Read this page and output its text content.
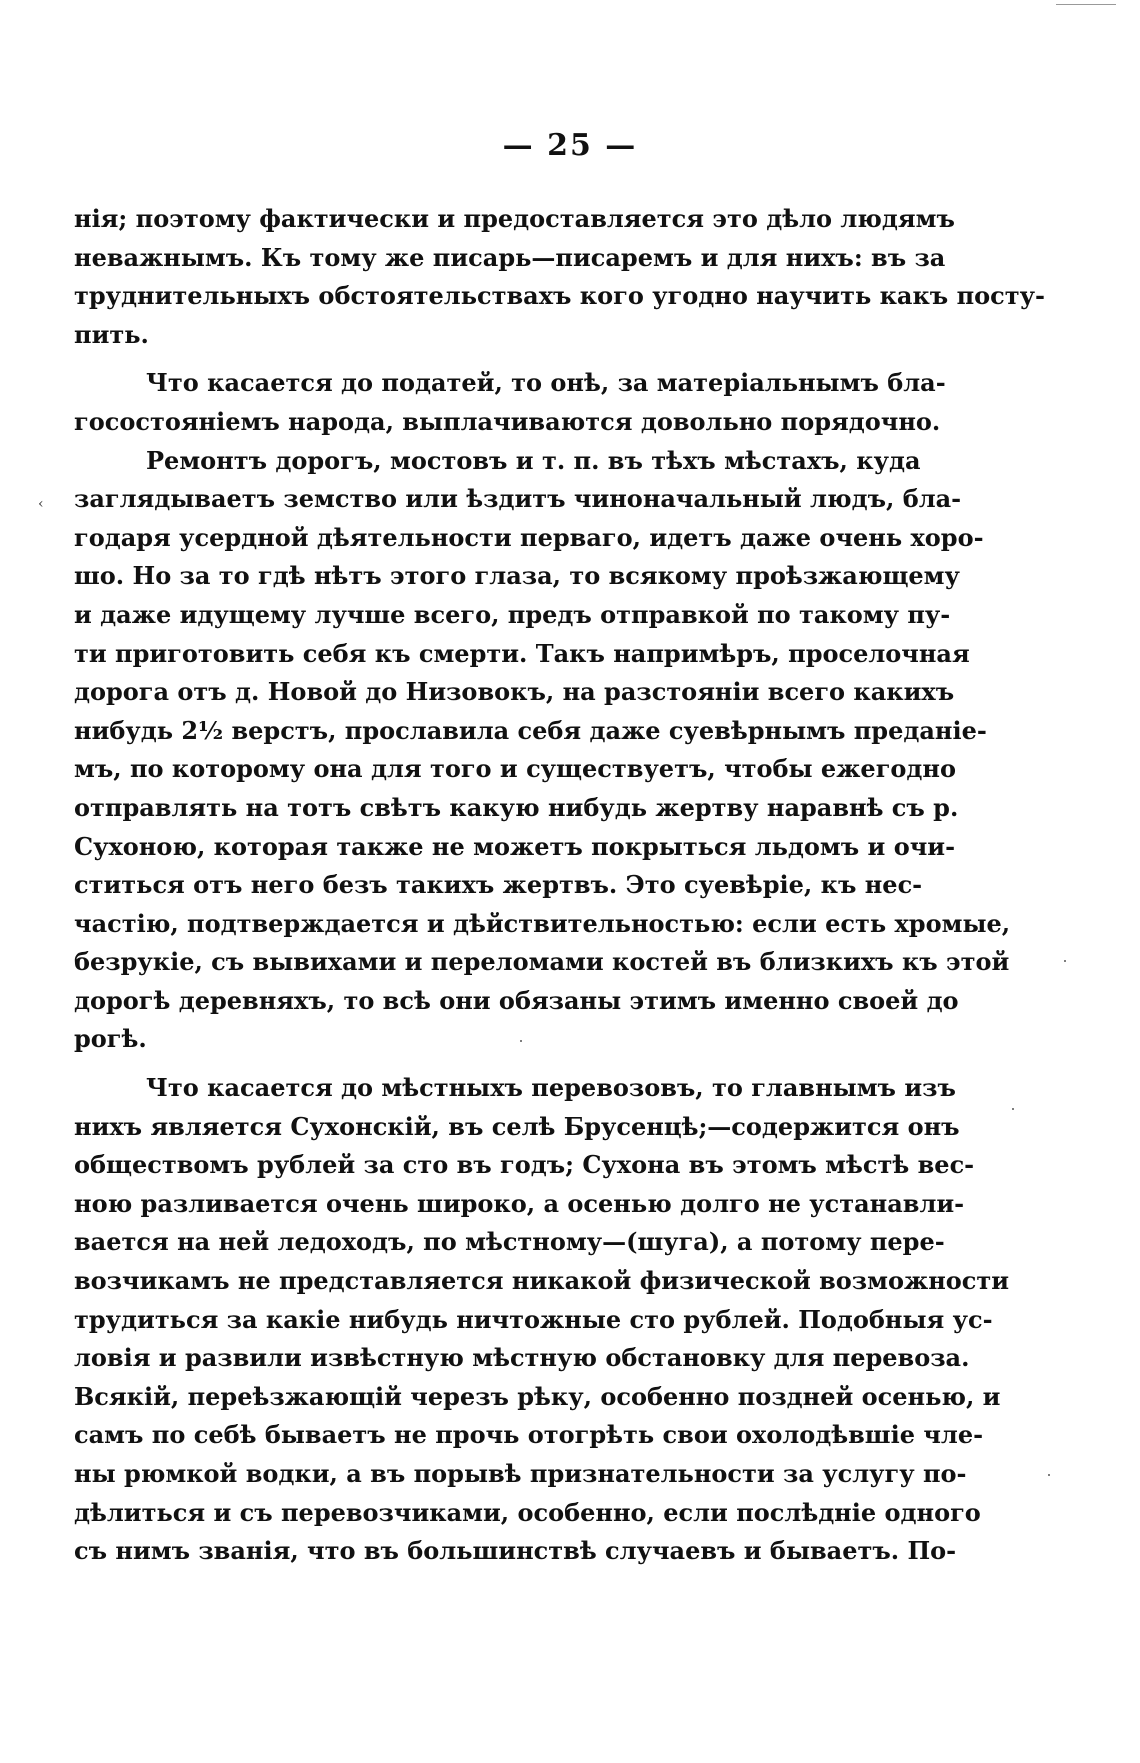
— 25 —
‹
нія; поэтому фактически и предоставляется это дѣло людямъ
неважнымъ. Къ тому же писарь—писаремъ и для нихъ: въ за
труднительныхъ обстоятельствахъ кого угодно научить какъ посту-
пить.
Что касается до податей, то онѣ, за матеріальнымъ бла-
госостояніемъ народа, выплачиваются довольно порядочно.
Ремонтъ дорогъ, мостовъ и т. п. въ тѣхъ мѣстахъ, куда
заглядываетъ земство или ѣздитъ чиноначальный людъ, бла-
годаря усердной дѣятельности перваго, идетъ даже очень хоро-
шо. Но за то гдѣ нѣтъ этого глаза, то всякому проѣзжающему
и даже идущему лучше всего, предъ отправкой по такому пу-
ти приготовить себя къ смерти. Такъ напримѣръ, проселочная
дорога отъ д. Новой до Низовокъ, на разстояніи всего какихъ
нибудь 2½ верстъ, прославила себя даже суевѣрнымъ преданіе-
мъ, по которому она для того и существуетъ, чтобы ежегодно
отправлять на тотъ свѣтъ какую нибудь жертву наравнѣ съ р.
Сухоною, которая также не можетъ покрыться льдомъ и очи-
ститься отъ него безъ такихъ жертвъ. Это суевѣріе, къ нес-
частію, подтверждается и дѣйствительностью: если есть хромые,
безрукіе, съ вывихами и переломами костей въ близкихъ къ этой
дорогѣ деревняхъ, то всѣ они обязаны этимъ именно своей до
рогѣ.
Что касается до мѣстныхъ перевозовъ, то главнымъ изъ
нихъ является Сухонскій, въ селѣ Брусенцѣ;—содержится онъ
обществомъ рублей за сто въ годъ; Сухона въ этомъ мѣстѣ вес-
ною разливается очень широко, а осенью долго не устанавли-
вается на ней ледоходъ, по мѣстному—(шуга), а потому пере-
возчикамъ не представляется никакой физической возможности
трудиться за какіе нибудь ничтожные сто рублей. Подобныя ус-
ловія и развили извѣстную мѣстную обстановку для перевоза.
Всякій, переѣзжающій черезъ рѣку, особенно поздней осенью, и
самъ по себѣ бываетъ не прочь отогрѣть свои охолодѣвшіе чле-
ны рюмкой водки, а въ порывѣ признательности за услугу по-
дѣлиться и съ перевозчиками, особенно, если послѣдніе одного
съ нимъ званія, что въ большинствѣ случаевъ и бываетъ. По-
